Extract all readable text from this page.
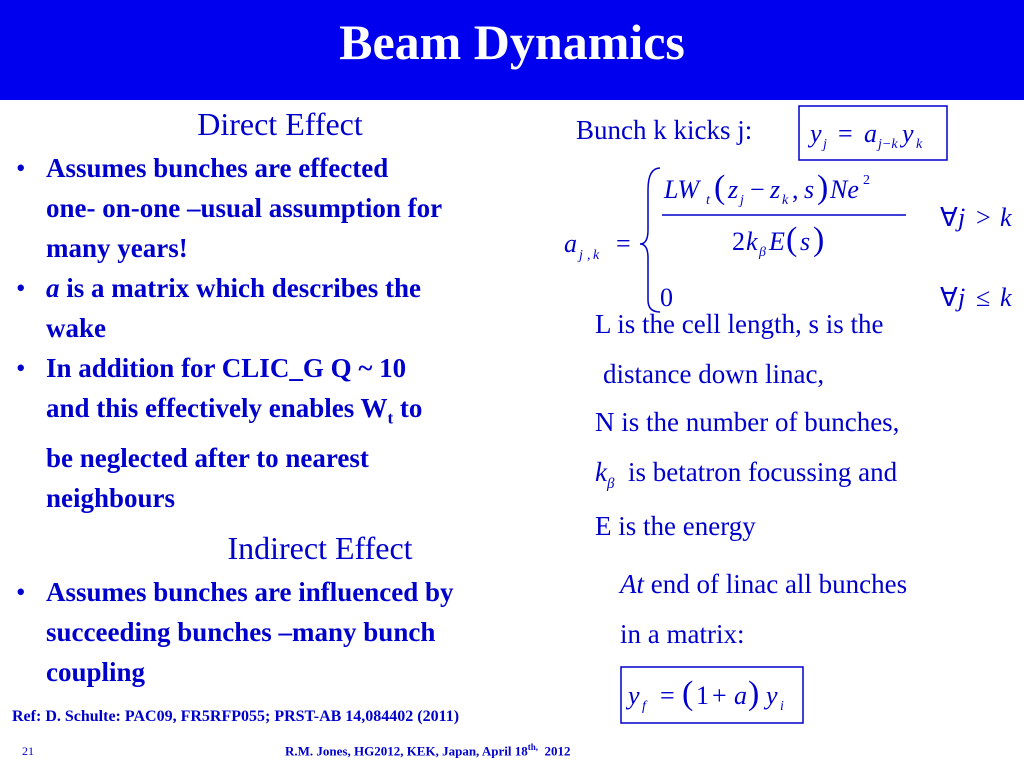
Beam Dynamics
Direct Effect
• Assumes bunches are effected
one- on-one –usual assumption for
many years!
• a is a matrix which describes the
wake
• In addition for CLIC_G Q ~ 10
and this effectively enables $W_t$ to
be neglected after to nearest
neighbours
Indirect Effect
• Assumes bunches are influenced by
succeeding bunches –many bunch
coupling
Ref: D. Schulte: PAC09, FR5RFP055; PRST-AB 14,084402 (2011)
Bunch k kicks j: y j = a j−k y k
a j , k =
LW t ( z j − z k , s ) Ne 2
2 k β E ( s )
∀ j > k
0	∀ j ≤ k
L is the cell length, s is the
distance down linac,
N is the number of bunches,
$k_\beta$ is betatron focussing and
E is the energy
At end of linac all bunches
in a matrix:
y f = ( 1 + a ) y i
21	R.M. Jones, HG2012, KEK, Japan, April $18^{th,}$  2012
